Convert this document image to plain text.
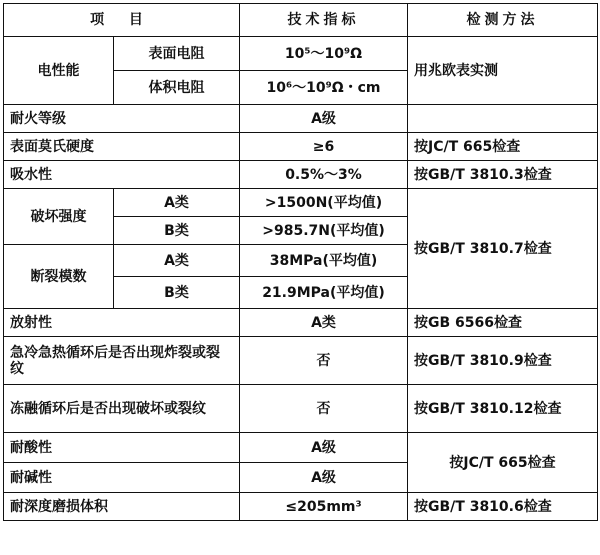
项 目		技术指标	检测方法
电性能	表面电阻	10⁵～10⁹Ω	用兆欧表实测
	体积电阻	10⁶～10⁹Ω・cm	
耐火等级		A级	
表面莫氏硬度		≥6	按JC/T 665检查
吸水性		0.5%～3%	按GB/T 3810.3检查
破坏强度	A类	>1500N(平均值)	按GB/T 3810.7检查
	B类	>985.7N(平均值)	
断裂模数	A类	38MPa(平均值)	
	B类	21.9MPa(平均值)	
放射性		A类	按GB 6566检查
急冷急热循环后是否出现炸裂或裂纹		否	按GB/T 3810.9检查
冻融循环后是否出现破坏或裂纹		否	按GB/T 3810.12检查
耐酸性		A级	按JC/T 665检查
耐碱性		A级	
耐深度磨损体积		≤205mm³	按GB/T 3810.6检查
